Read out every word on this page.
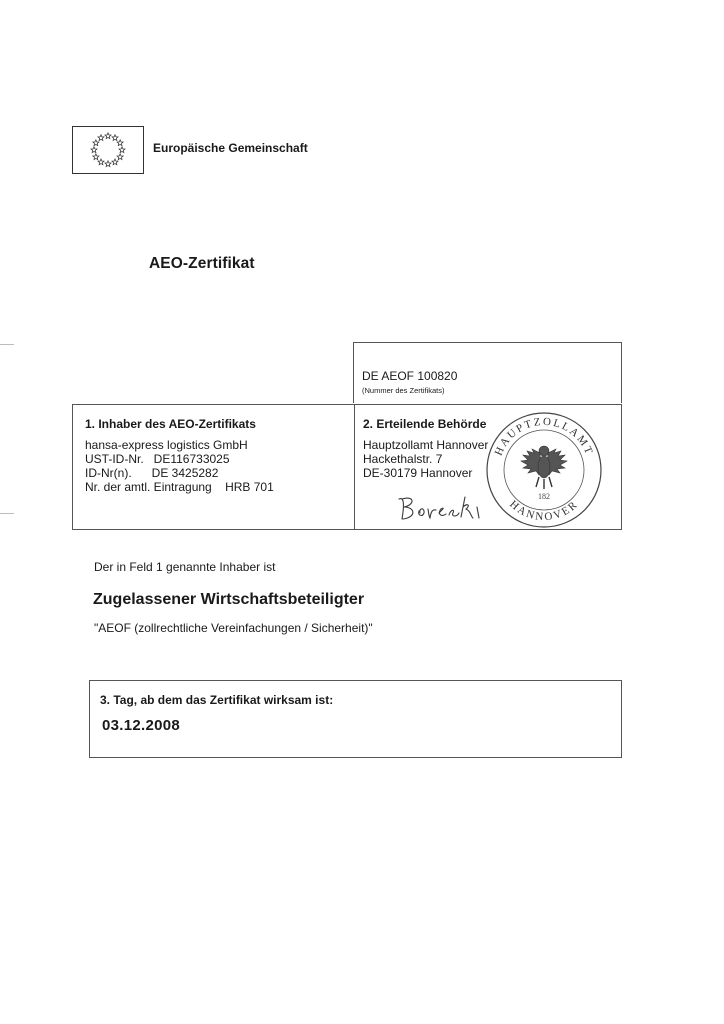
Europäische Gemeinschaft
AEO-Zertifikat
DE AEOF 100820
(Nummer des Zertifikats)
1. Inhaber des AEO-Zertifikats
hansa-express logistics GmbH
UST-ID-Nr.   DE116733025
ID-Nr(n).      DE 3425282
Nr. der amtl. Eintragung    HRB 701
2. Erteilende Behörde
Hauptzollamt Hannover
Hackethalstr. 7
DE-30179 Hannover
HAUPTZOLLAMT
HANNOVER
182
Der in Feld 1 genannte Inhaber ist
Zugelassener Wirtschaftsbeteiligter
"AEOF (zollrechtliche Vereinfachungen / Sicherheit)"
3. Tag, ab dem das Zertifikat wirksam ist:
03.12.2008
